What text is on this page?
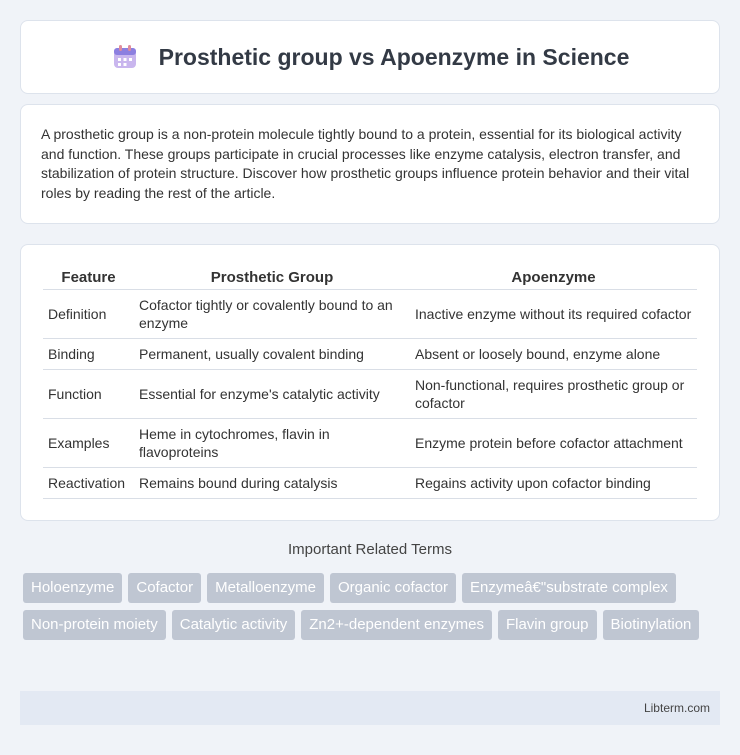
Prosthetic group vs Apoenzyme in Science

A prosthetic group is a non-protein molecule tightly bound to a protein, essential for its biological activity and function. These groups participate in crucial processes like enzyme catalysis, electron transfer, and stabilization of protein structure. Discover how prosthetic groups influence protein behavior and their vital roles by reading the rest of the article.

Feature	Prosthetic Group	Apoenzyme
Definition	Cofactor tightly or covalently bound to an enzyme	Inactive enzyme without its required cofactor
Binding	Permanent, usually covalent binding	Absent or loosely bound, enzyme alone
Function	Essential for enzyme's catalytic activity	Non-functional, requires prosthetic group or cofactor
Examples	Heme in cytochromes, flavin in flavoproteins	Enzyme protein before cofactor attachment
Reactivation	Remains bound during catalysis	Regains activity upon cofactor binding
Important Related Terms
Holoenzyme	Cofactor	Metalloenzyme	Organic cofactor	Enzymeâ€"substrate complex
Non-protein moiety	Catalytic activity	Zn2+-dependent enzymes	Flavin group	Biotinylation
Libterm.com
